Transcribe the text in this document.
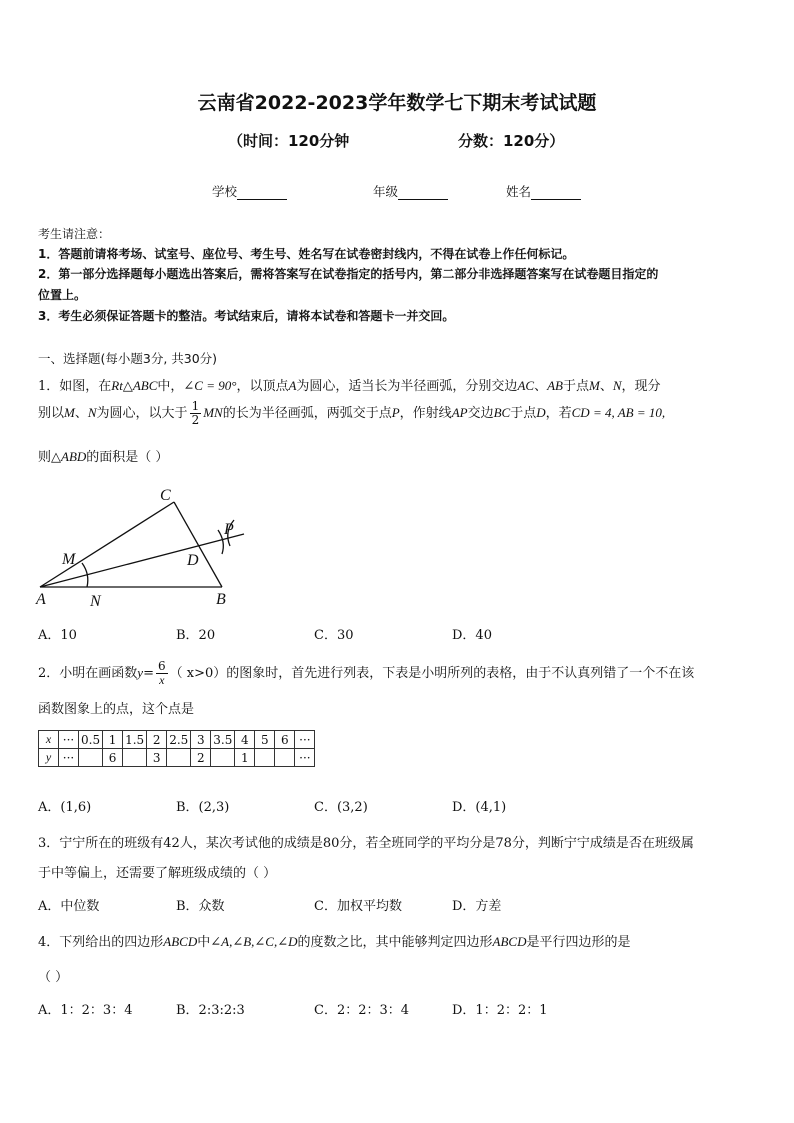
云南省2022-2023学年数学七下期末考试试题
（时间：120分钟	分数：120分）
学校	年级	姓名
考生请注意：
1．答题前请将考场、试室号、座位号、考生号、姓名写在试卷密封线内，不得在试卷上作任何标记。
2．第一部分选择题每小题选出答案后，需将答案写在试卷指定的括号内，第二部分非选择题答案写在试卷题目指定的
位置上。
3．考生必须保证答题卡的整洁。考试结束后，请将本试卷和答题卡一并交回。
一、选择题(每小题3分, 共30分)
1．如图，在Rt△ABC中，∠C = 90°，以顶点A为圆心，适当长为半径画弧，分别交边AC、AB于点M、N，现分
别以M、N为圆心，以大于 $\frac{1}{2}$ MN的长为半径画弧，两弧交于点P，作射线AP交边BC于点D，若CD = 4, AB = 10,
则△ABD的面积是（ ）
C
P
M	D
A	N	B
A．10	B．20	C．30	D．40
2．小明在画函数$y= \frac{6}{x}$ （ x>0）的图象时，首先进行列表，下表是小明所列的表格，由于不认真列错了一个不在该
函数图象上的点，这个点是
x	···	0.5	1	1.5	2	2.5	3	3.5	4	5	6	···
y	···		6		3		2		1			···
A．(1,6)	B．(2,3)	C．(3,2)	D．(4,1)
3．宁宁所在的班级有42人，某次考试他的成绩是80分，若全班同学的平均分是78分，判断宁宁成绩是否在班级属
于中等偏上，还需要了解班级成绩的（ ）
A．中位数	B．众数	C．加权平均数	D．方差
4．下列给出的四边形ABCD中∠A,∠B,∠C,∠D的度数之比，其中能够判定四边形ABCD是平行四边形的是
（ ）
A．1：2：3：4	B．2:3:2:3	C．2：2：3：4	D．1：2：2：1
